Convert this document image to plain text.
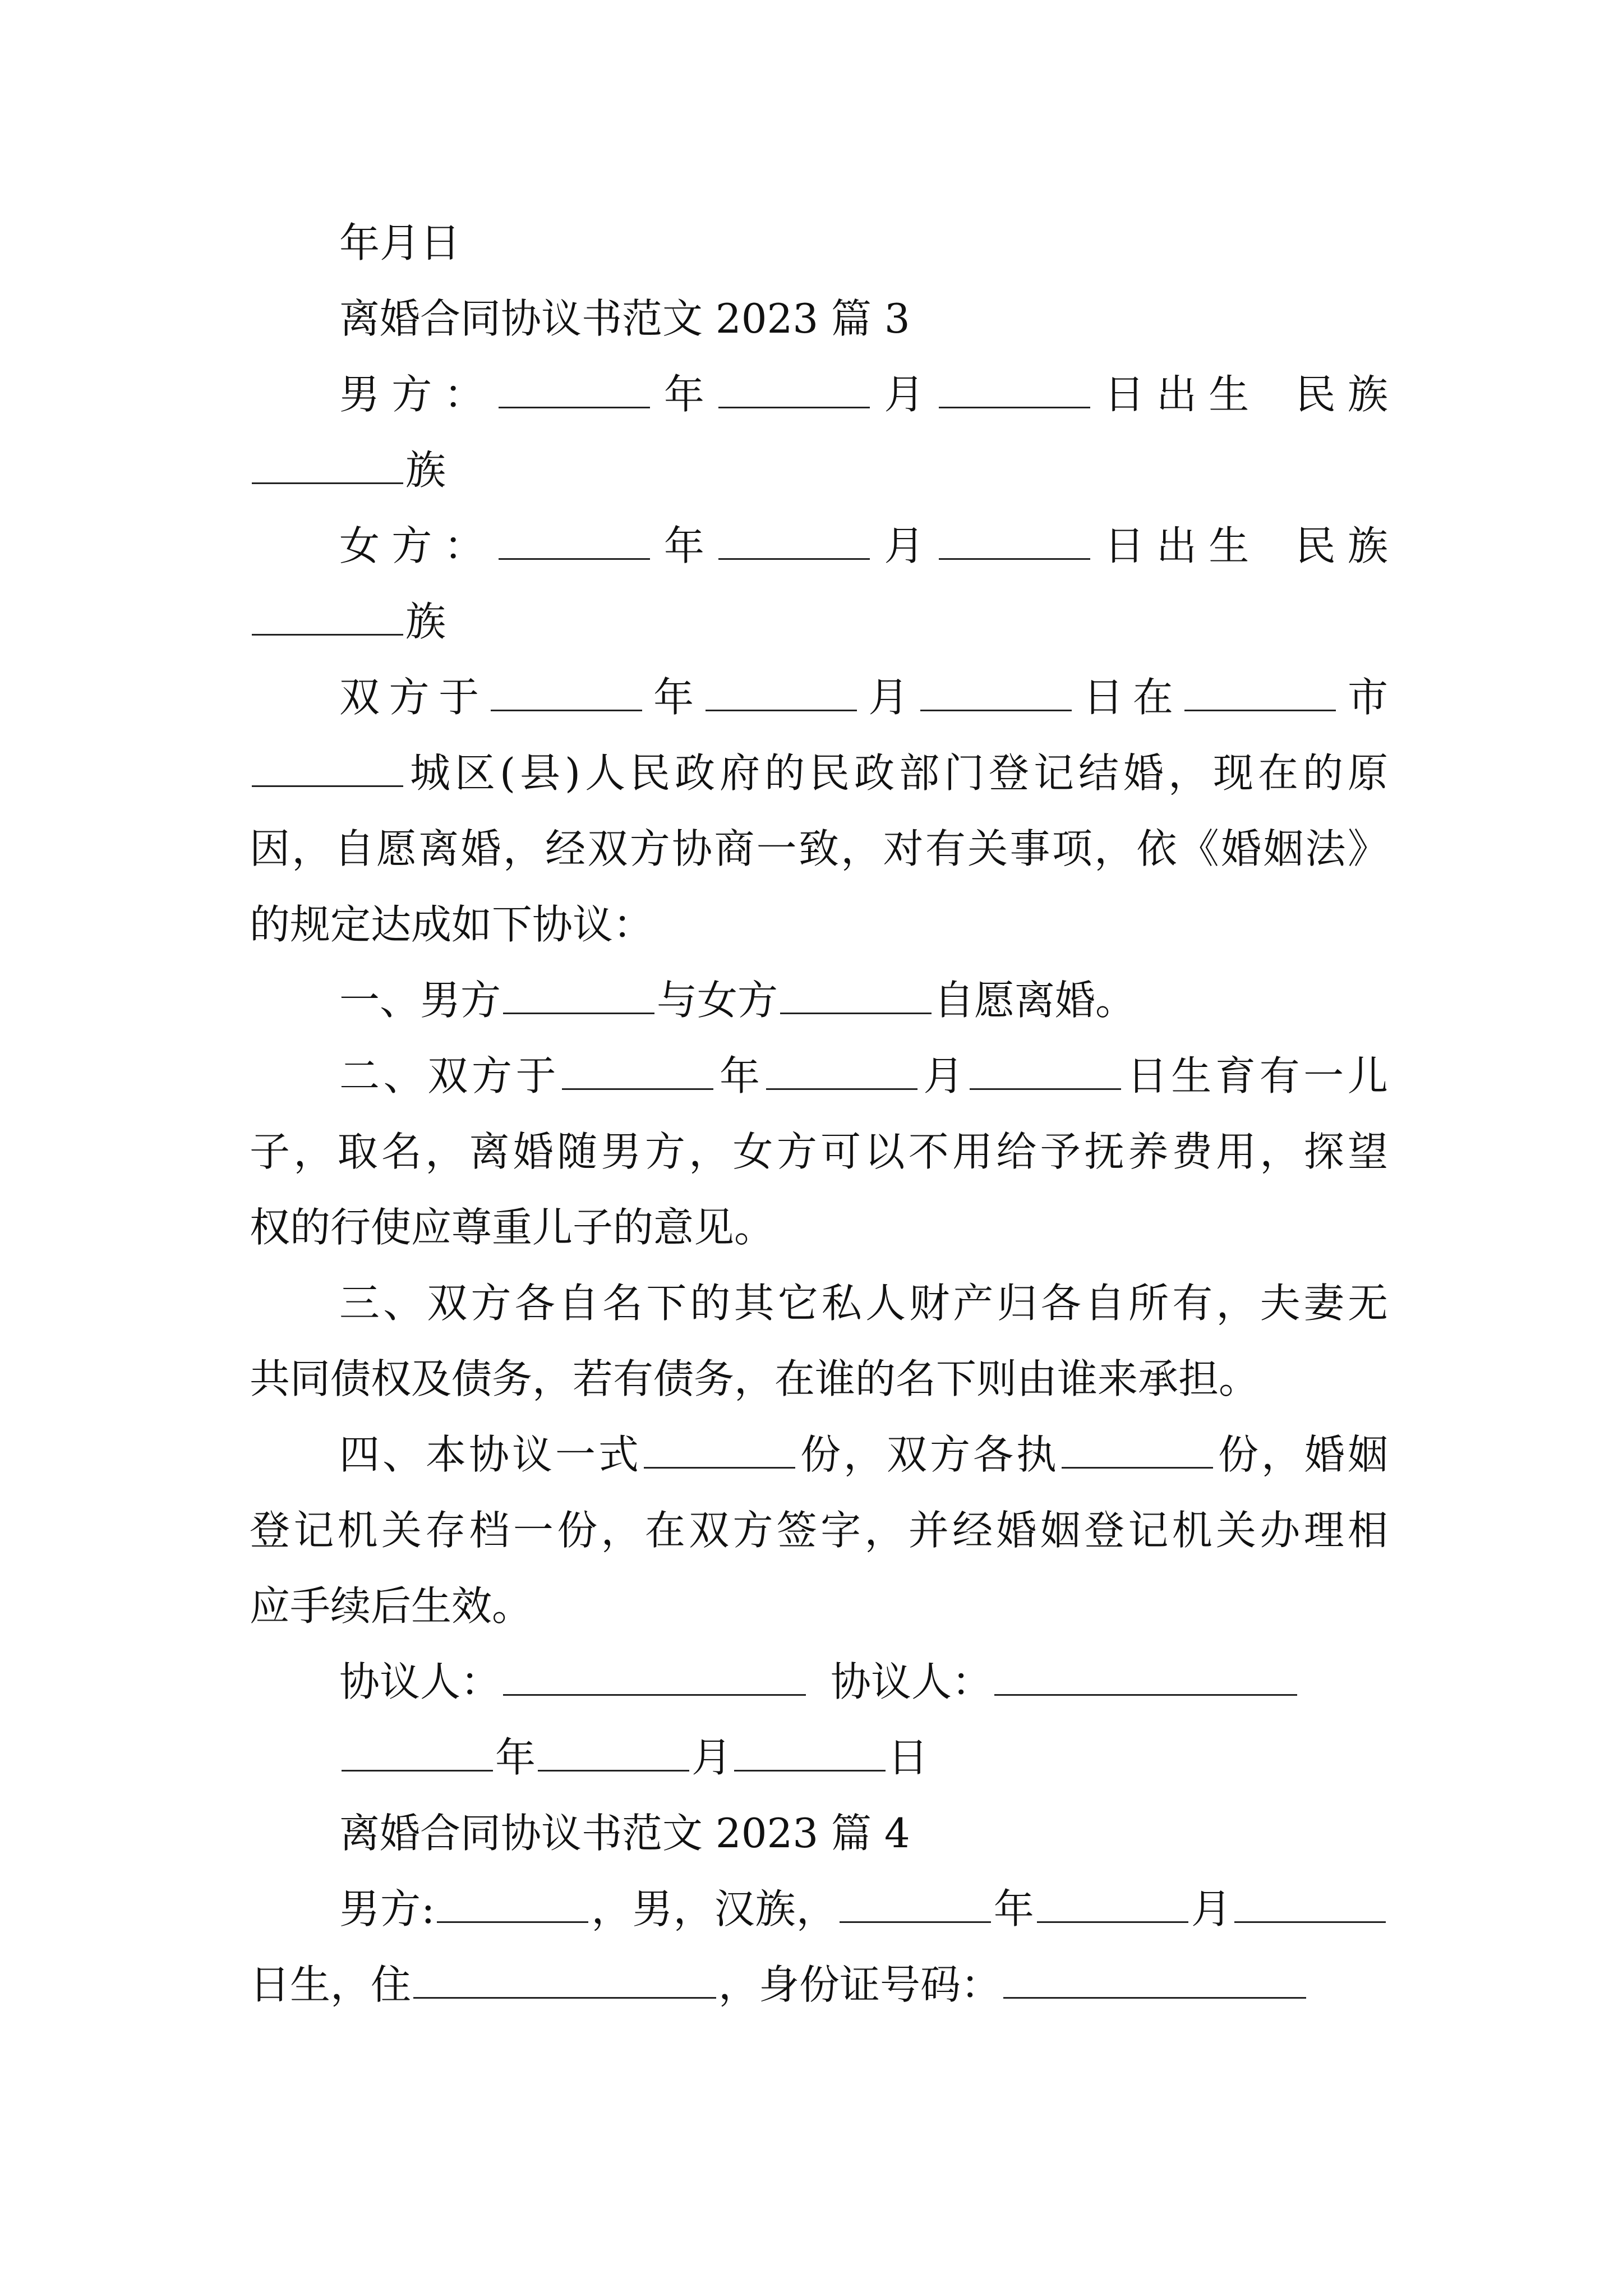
年月日
离婚合同协议书范文 2023 篇 3
男方：	年	月	日出生 民族
族
女方：	年	月	日出生 民族
族
双方于	年	月	日在	市
城区(县)人民政府的民政部门登记结婚，现在的原
因，自愿离婚，经双方协商一致，对有关事项，依《婚姻法》
的规定达成如下协议：
一、男方	与女方	自愿离婚。
二、双方于	年	月	日生育有一儿
子，取名，离婚随男方，女方可以不用给予抚养费用，探望
权的行使应尊重儿子的意见。
三、双方各自名下的其它私人财产归各自所有，夫妻无
共同债权及债务，若有债务，在谁的名下则由谁来承担。
四、本协议一式	份，双方各执	份，婚姻
登记机关存档一份，在双方签字，并经婚姻登记机关办理相
应手续后生效。
协议人：	协议人：
年	月	日
离婚合同协议书范文 2023 篇 4
男方:	，男，汉族，	年	月
日生，住	，身份证号码：
